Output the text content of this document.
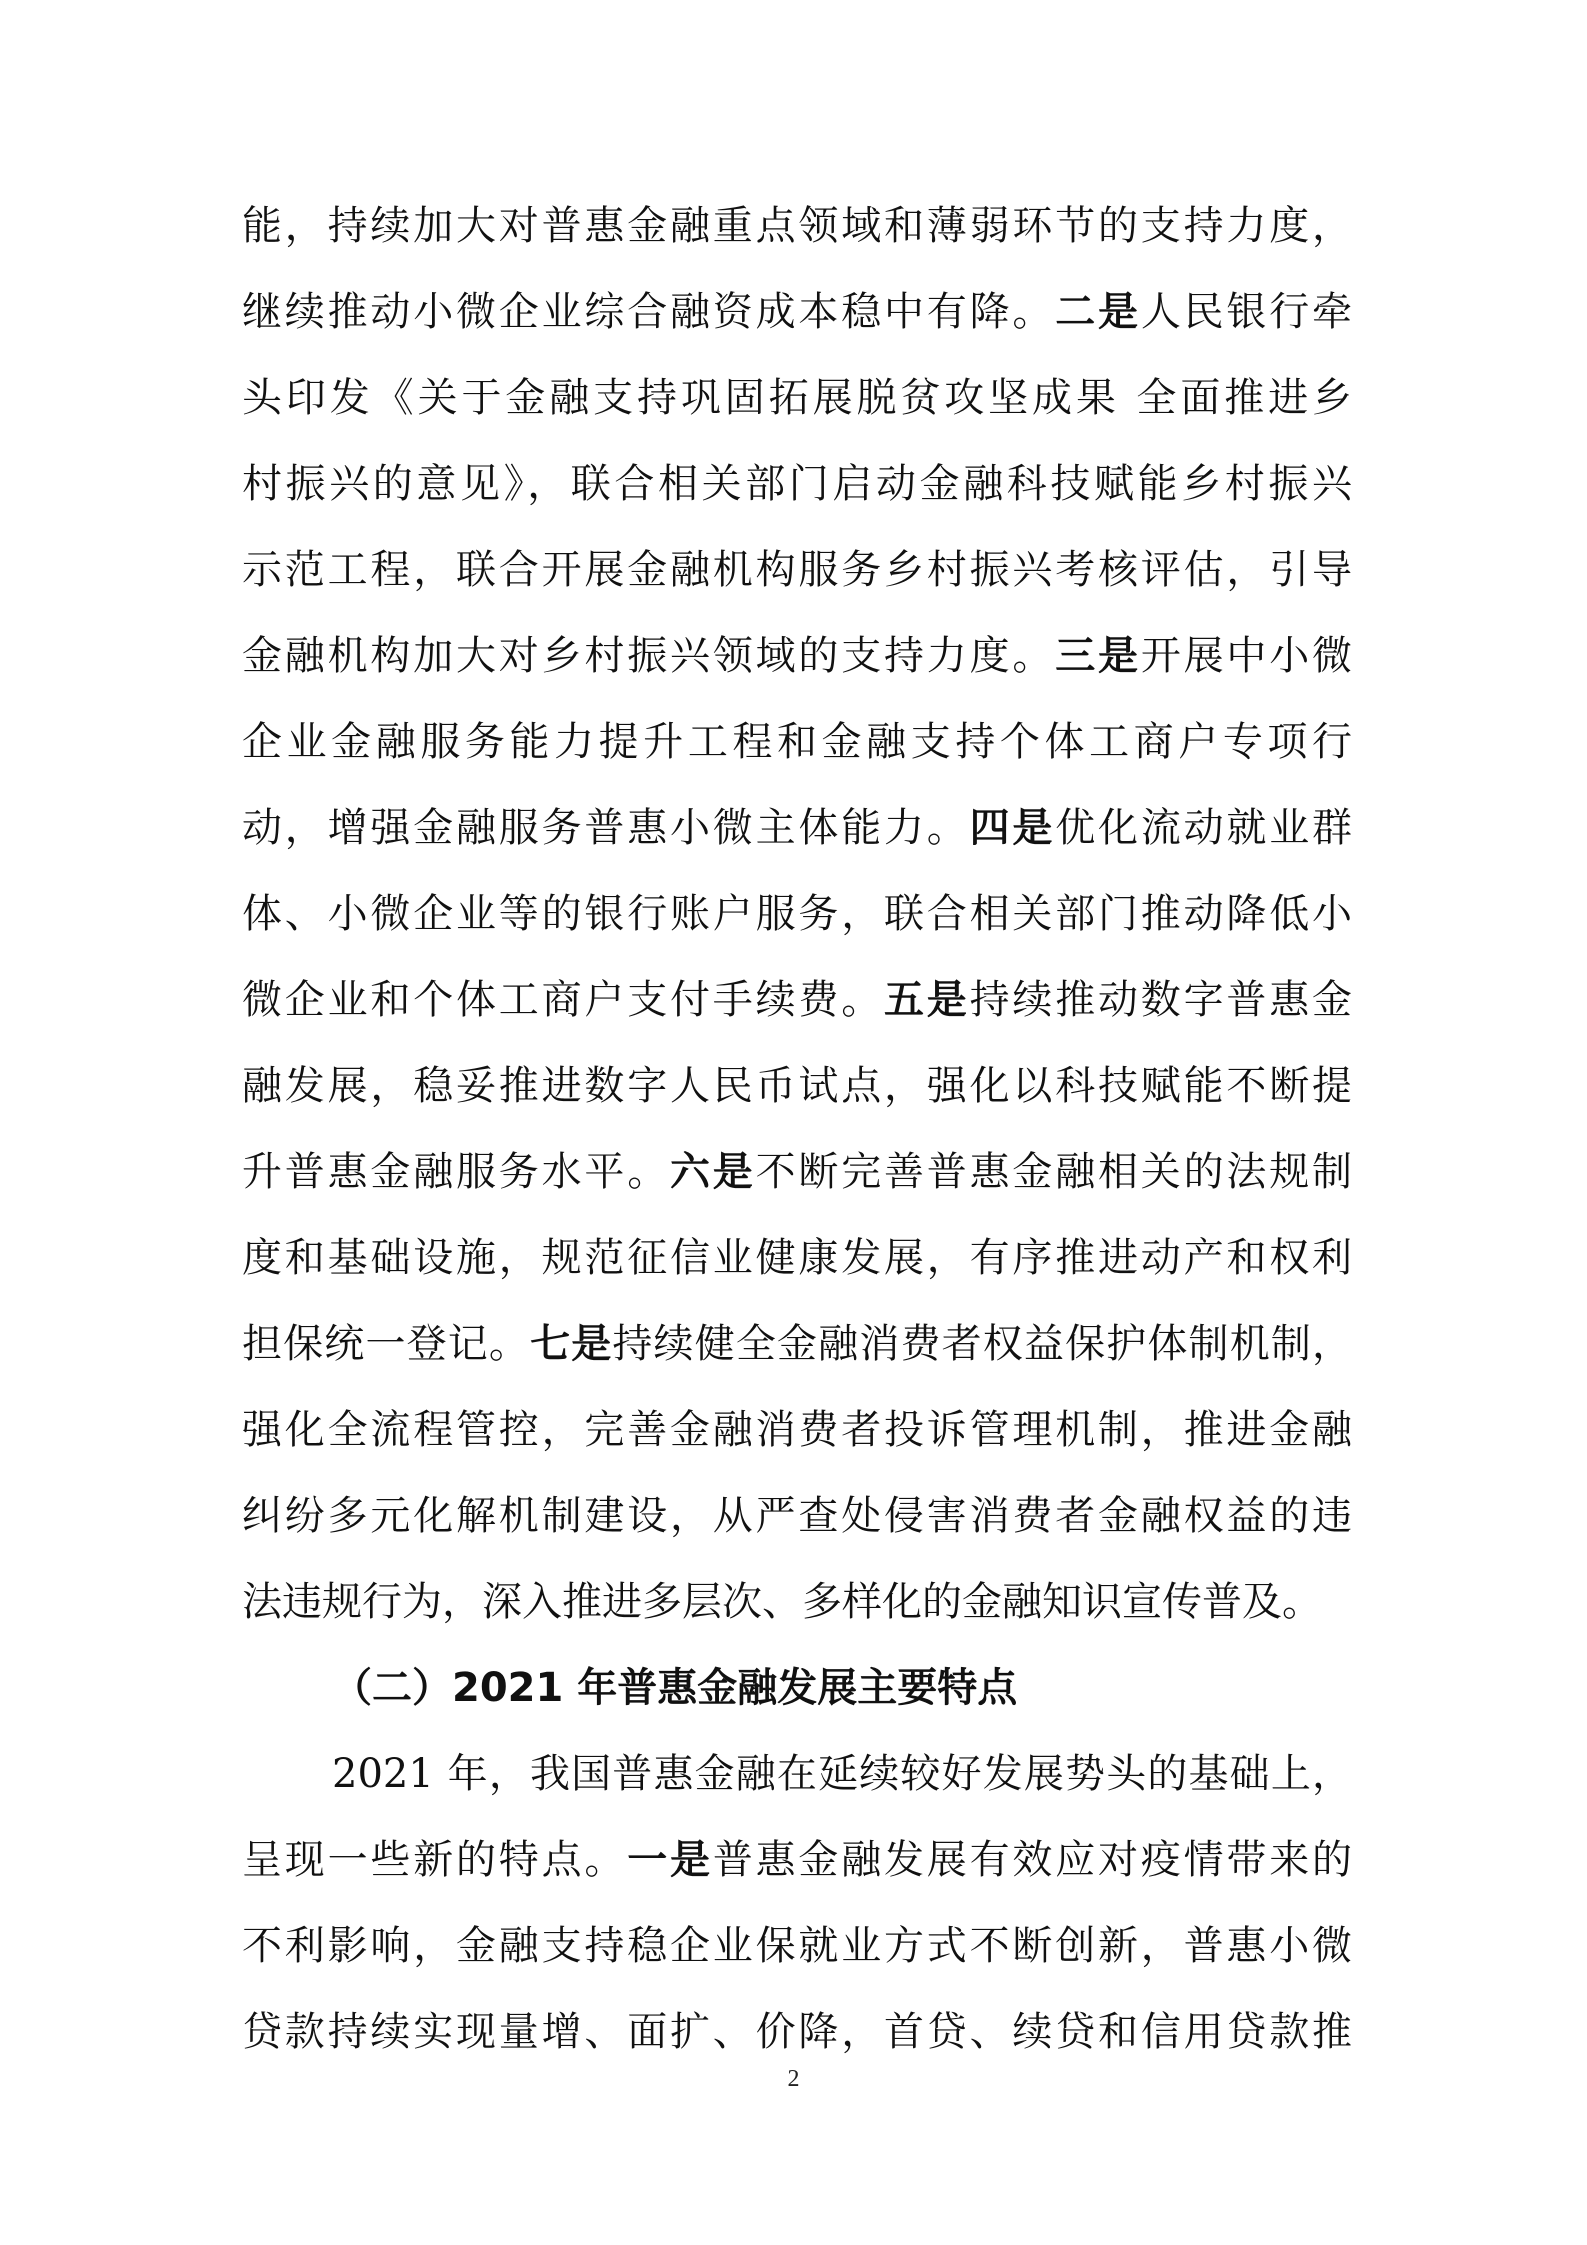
能，持续加大对普惠金融重点领域和薄弱环节的支持力度，
继续推动小微企业综合融资成本稳中有降。二是人民银行牵
头印发《关于金融支持巩固拓展脱贫攻坚成果 全面推进乡
村振兴的意见》，联合相关部门启动金融科技赋能乡村振兴
示范工程，联合开展金融机构服务乡村振兴考核评估，引导
金融机构加大对乡村振兴领域的支持力度。三是开展中小微
企业金融服务能力提升工程和金融支持个体工商户专项行
动，增强金融服务普惠小微主体能力。四是优化流动就业群
体、小微企业等的银行账户服务，联合相关部门推动降低小
微企业和个体工商户支付手续费。五是持续推动数字普惠金
融发展，稳妥推进数字人民币试点，强化以科技赋能不断提
升普惠金融服务水平。六是不断完善普惠金融相关的法规制
度和基础设施，规范征信业健康发展，有序推进动产和权利
担保统一登记。七是持续健全金融消费者权益保护体制机制，
强化全流程管控，完善金融消费者投诉管理机制，推进金融
纠纷多元化解机制建设，从严查处侵害消费者金融权益的违
法违规行为，深入推进多层次、多样化的金融知识宣传普及。
（二）2021 年普惠金融发展主要特点
2021 年，我国普惠金融在延续较好发展势头的基础上，
呈现一些新的特点。一是普惠金融发展有效应对疫情带来的
不利影响，金融支持稳企业保就业方式不断创新，普惠小微
贷款持续实现量增、面扩、价降，首贷、续贷和信用贷款推
2
